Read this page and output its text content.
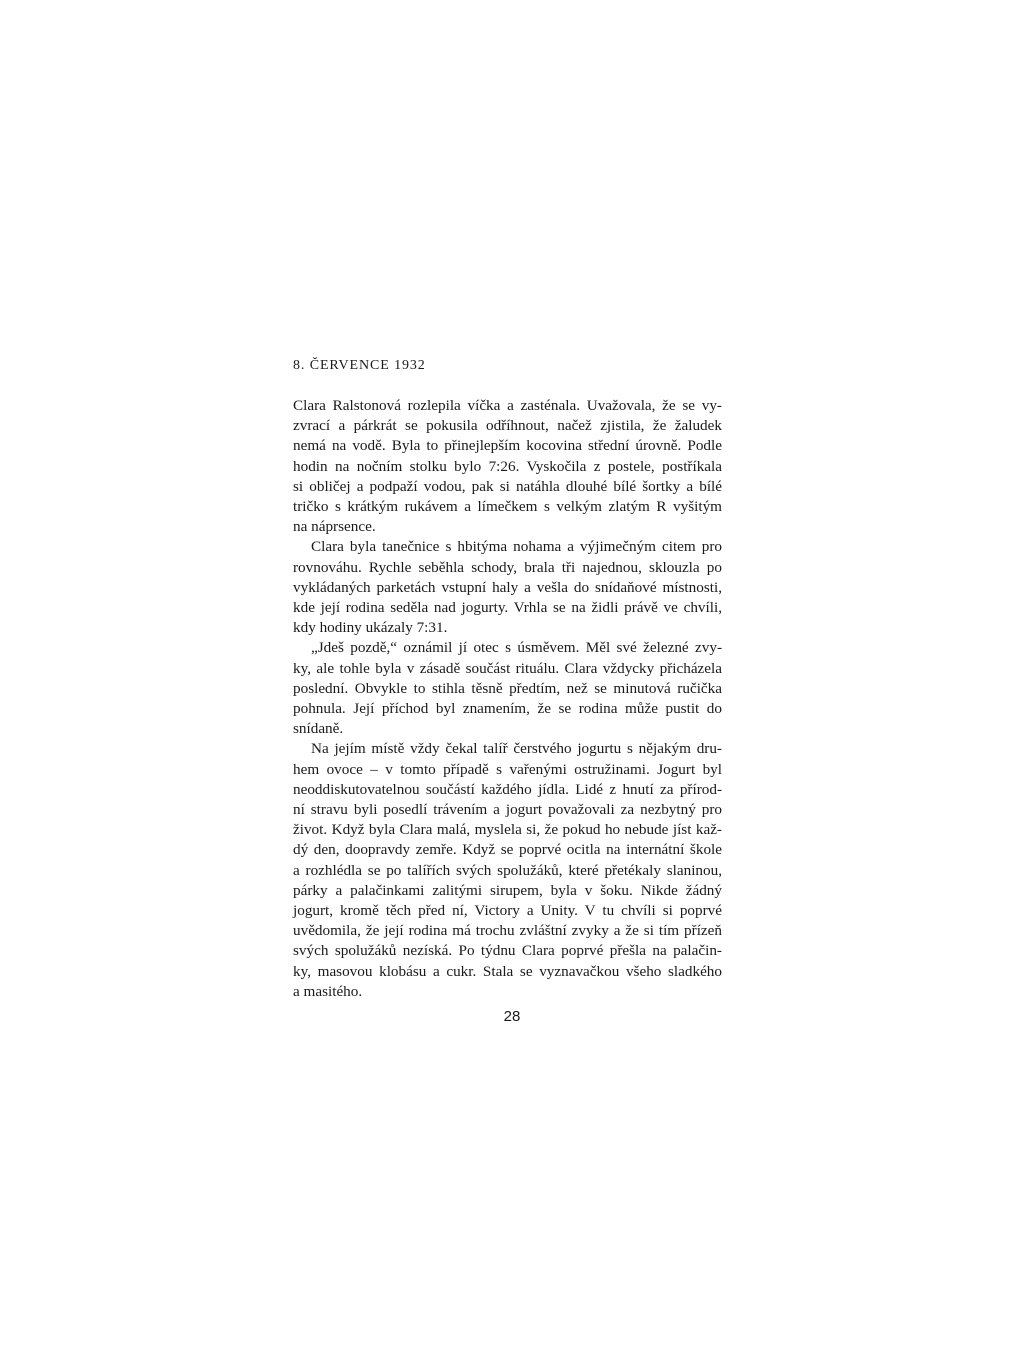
8. ČERVENCE 1932

Clara Ralstonová rozlepila víčka a zasténala. Uvažovala, že se vy-
zvrací a párkrát se pokusila odříhnout, načež zjistila, že žaludek
nemá na vodě. Byla to přinejlepším kocovina střední úrovně. Podle
hodin na nočním stolku bylo 7:26. Vyskočila z postele, postříkala
si obličej a podpaží vodou, pak si natáhla dlouhé bílé šortky a bílé
tričko s krátkým rukávem a límečkem s velkým zlatým R vyšitým
na náprsence.

Clara byla tanečnice s hbitýma nohama a výjimečným citem pro
rovnováhu. Rychle seběhla schody, brala tři najednou, sklouzla po
vykládaných parketách vstupní haly a vešla do snídaňové místnosti,
kde její rodina seděla nad jogurty. Vrhla se na židli právě ve chvíli,
kdy hodiny ukázaly 7:31.

„Jdeš pozdě,“ oznámil jí otec s úsměvem. Měl své železné zvy-
ky, ale tohle byla v zásadě součást rituálu. Clara vždycky přicházela
poslední. Obvykle to stihla těsně předtím, než se minutová ručička
pohnula. Její příchod byl znamením, že se rodina může pustit do
snídaně.

Na jejím místě vždy čekal talíř čerstvého jogurtu s nějakým dru-
hem ovoce – v tomto případě s vařenými ostružinami. Jogurt byl
neoddiskutovatelnou součástí každého jídla. Lidé z hnutí za přírod-
ní stravu byli posedlí trávením a jogurt považovali za nezbytný pro
život. Když byla Clara malá, myslela si, že pokud ho nebude jíst kaž-
dý den, doopravdy zemře. Když se poprvé ocitla na internátní škole
a rozhlédla se po talířích svých spolužáků, které přetékaly slaninou,
párky a palačinkami zalitými sirupem, byla v šoku. Nikde žádný
jogurt, kromě těch před ní, Victory a Unity. V tu chvíli si poprvé
uvědomila, že její rodina má trochu zvláštní zvyky a že si tím přízeň
svých spolužáků nezíská. Po týdnu Clara poprvé přešla na palačin-
ky, masovou klobásu a cukr. Stala se vyznavačkou všeho sladkého
a masitého.

28
